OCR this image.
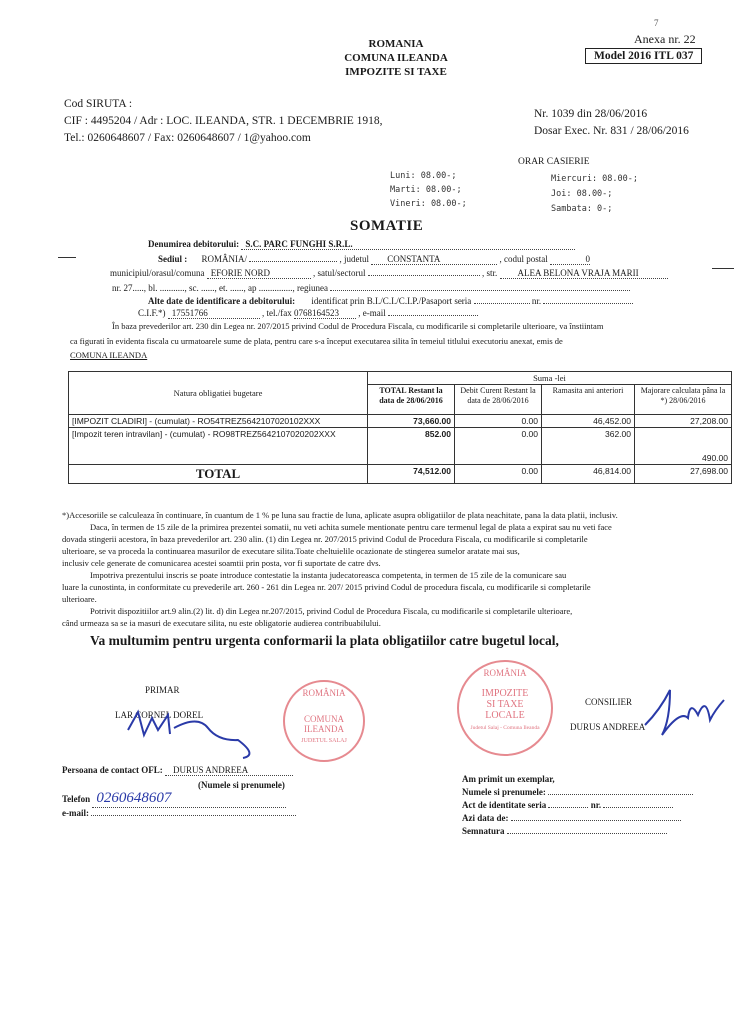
ROMANIA
COMUNA ILEANDA
IMPOZITE SI TAXE
Anexa nr. 22
Model 2016 ITL 037
7
Cod SIRUTA :
CIF : 4495204 / Adr : LOC. ILEANDA, STR. 1 DECEMBRIE 1918,
Tel.: 0260648607 / Fax: 0260648607 / 1@yahoo.com
Nr. 1039 din 28/06/2016
Dosar Exec. Nr. 831 / 28/06/2016
ORAR CASIERIE
Luni: 08.00-;
Marti: 08.00-;
Vineri: 08.00-;
Miercuri: 08.00-;
Joi: 08.00-;
Sambata: 0-;
SOMATIE
Denumirea debitorului: S.C. PARC FUNGHI S.R.L.
Sediul : ROMÂNIA/	, judetul CONSTANTA	, codul postal	0
municipiul/orasul/comuna EFORIE NORD	, satul/sectorul	, str. ALEA BELONA VRAJA MARII
nr. 27....., bl. ..........., sc. ......, et. ......, ap ..............., regiunea
Alte date de identificare a debitorului: identificat prin B.I./C.I./C.I.P./Pasaport seria	nr.
C.I.F.*) 17551766	, tel./fax 0768164523 , e-mail
În baza prevederilor art. 230 din Legea nr. 207/2015 privind Codul de Procedura Fiscala, cu modificarile si completarile ulterioare, va înstiintam
ca figurati în evidenta fiscala cu urmatoarele sume de plata, pentru care s-a început executarea silita în temeiul titlului executoriu anexat, emis de
COMUNA ILEANDA
Natura obligatiei bugetare	Suma -lei			
	TOTAL Restant la data de 28/06/2016	Debit Curent Restant la data de 28/06/2016	Ramasita ani anteriori	Majorare calculata pâna la *) 28/06/2016
[IMPOZIT CLADIRI] - (cumulat) - RO54TREZ5642107020102XXX	73,660.00	0.00	46,452.00	27,208.00
[Impozit teren intravilan] - (cumulat) - RO98TREZ5642107020202XXX	852.00	0.00	362.00	490.00
TOTAL	74,512.00	0.00	46,814.00	27,698.00
*)Accesoriile se calculeaza în continuare, în cuantum de 1 % pe luna sau fractie de luna, aplicate asupra obligatiilor de plata neachitate, pana la data platii, inclusiv.
Daca, în termen de 15 zile de la primirea prezentei somatii, nu veti achita sumele mentionate pentru care termenul legal de plata a expirat sau nu veti face
dovada stingerii acestora, în baza prevederilor art. 230 alin. (1) din Legea nr. 207/2015 privind Codul de Procedura Fiscala, cu modificarile si completarile
ulterioare, se va proceda la continuarea masurilor de executare silita.Toate cheltuielile ocazionate de stingerea sumelor aratate mai sus,
inclusiv cele generate de comunicarea acestei soamtii prin posta, vor fi suportate de catre dvs.
Impotriva prezentului inscris se poate introduce contestatie la instanta judecatoreasca competenta, in termen de 15 zile de la comunicare sau
luare la cunostinta, in conformitate cu prevederile art. 260 - 261 din Legea nr. 207/ 2015 privind Codul de procedura fiscala, cu modificarile si completarile
ulterioare.
Potrivit dispozitiilor art.9 alin.(2) lit. d) din Legea nr.207/2015, privind Codul de Procedura Fiscala, cu modificarile si completarile ulterioare,
când urmeaza sa se ia masuri de executare silita, nu este obligatorie audierea contribuabilului.
Va multumim pentru urgenta conformarii la plata obligatiilor catre bugetul local,
PRIMAR
LAR CORNEL DOREL
ROMÂNIA
COMUNA
ILEANDA
JUDETUL SALAJ
ROMÂNIA
IMPOZITE
SI TAXE
LOCALE
Judetul Salaj - Comuna Ileanda
CONSILIER
DURUS ANDREEA
Persoana de contact OFL: DURUS ANDREEA
(Numele si prenumele)
Telefon 0260648607
e-mail:
Am primit un exemplar,
Numele si prenumele:
Act de identitate seria	nr.
Azi data de:
Semnatura
